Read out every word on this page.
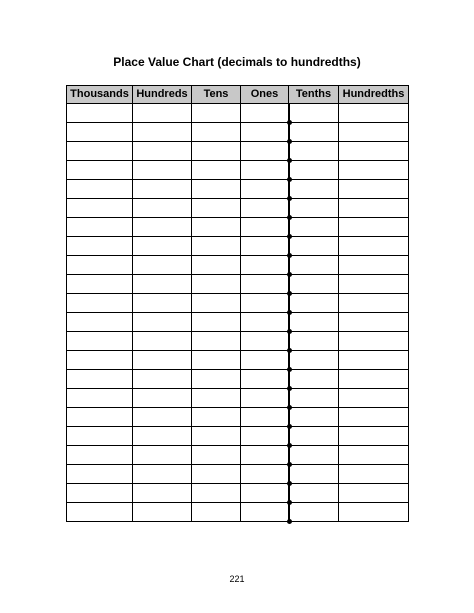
Place Value Chart (decimals to hundredths)
Thousands	Hundreds	Tens	Ones	Tenths	Hundredths

221
